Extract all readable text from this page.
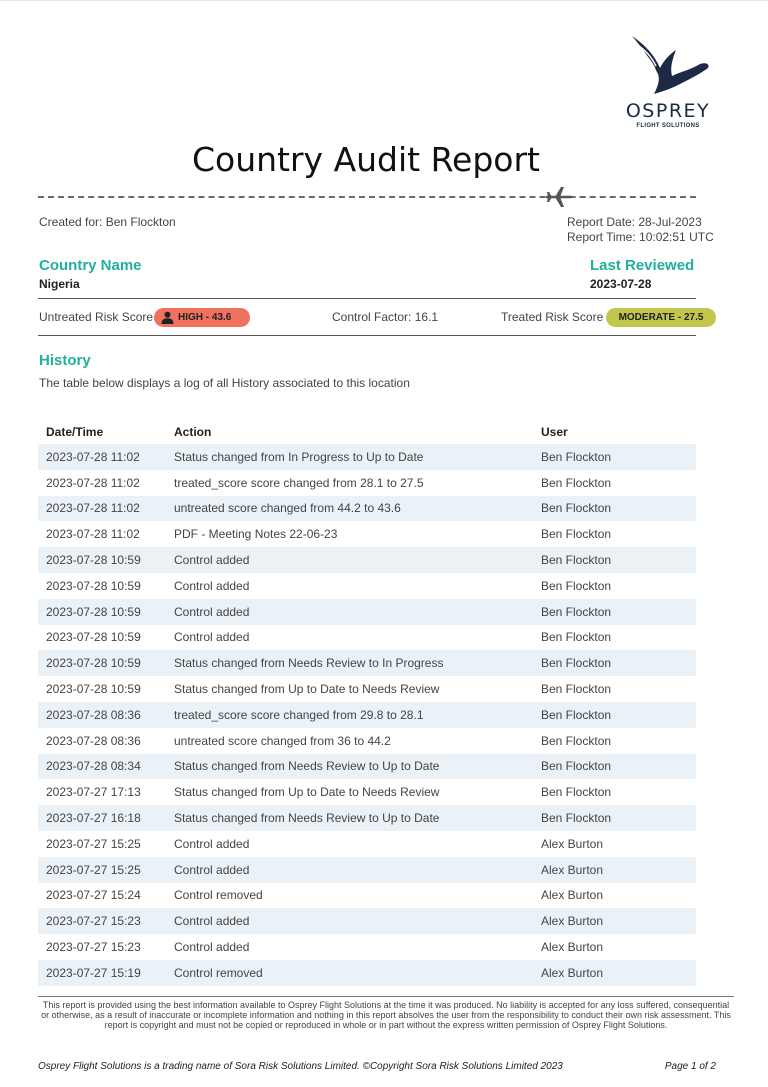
OSPREY
FLIGHT SOLUTIONS
Country Audit Report
Created for: Ben Flockton	Report Date: 28-Jul-2023
Report Time: 10:02:51 UTC
Country Name
Nigeria
Last Reviewed
2023-07-28
Untreated Risk Score HIGH - 43.6	Control Factor: 16.1	Treated Risk Score	MODERATE - 27.5
History
The table below displays a log of all History associated to this location
Date/Time	Action	User
2023-07-28 11:02	Status changed from In Progress to Up to Date	Ben Flockton
2023-07-28 11:02	treated_score score changed from 28.1 to 27.5	Ben Flockton
2023-07-28 11:02	untreated score changed from 44.2 to 43.6	Ben Flockton
2023-07-28 11:02	PDF - Meeting Notes 22-06-23	Ben Flockton
2023-07-28 10:59	Control added	Ben Flockton
2023-07-28 10:59	Control added	Ben Flockton
2023-07-28 10:59	Control added	Ben Flockton
2023-07-28 10:59	Control added	Ben Flockton
2023-07-28 10:59	Status changed from Needs Review to In Progress	Ben Flockton
2023-07-28 10:59	Status changed from Up to Date to Needs Review	Ben Flockton
2023-07-28 08:36	treated_score score changed from 29.8 to 28.1	Ben Flockton
2023-07-28 08:36	untreated score changed from 36 to 44.2	Ben Flockton
2023-07-28 08:34	Status changed from Needs Review to Up to Date	Ben Flockton
2023-07-27 17:13	Status changed from Up to Date to Needs Review	Ben Flockton
2023-07-27 16:18	Status changed from Needs Review to Up to Date	Ben Flockton
2023-07-27 15:25	Control added	Alex Burton
2023-07-27 15:25	Control added	Alex Burton
2023-07-27 15:24	Control removed	Alex Burton
2023-07-27 15:23	Control added	Alex Burton
2023-07-27 15:23	Control added	Alex Burton
2023-07-27 15:19	Control removed	Alex Burton
This report is provided using the best information available to Osprey Flight Solutions at the time it was produced. No liability is accepted for any loss suffered, consequential or otherwise, as a result of inaccurate or incomplete information and nothing in this report absolves the user from the responsibility to conduct their own risk assessment. This report is copyright and must not be copied or reproduced in whole or in part without the express written permission of Osprey Flight Solutions.
Osprey Flight Solutions is a trading name of Sora Risk Solutions Limited. ©Copyright Sora Risk Solutions Limited 2023	Page 1 of 2
